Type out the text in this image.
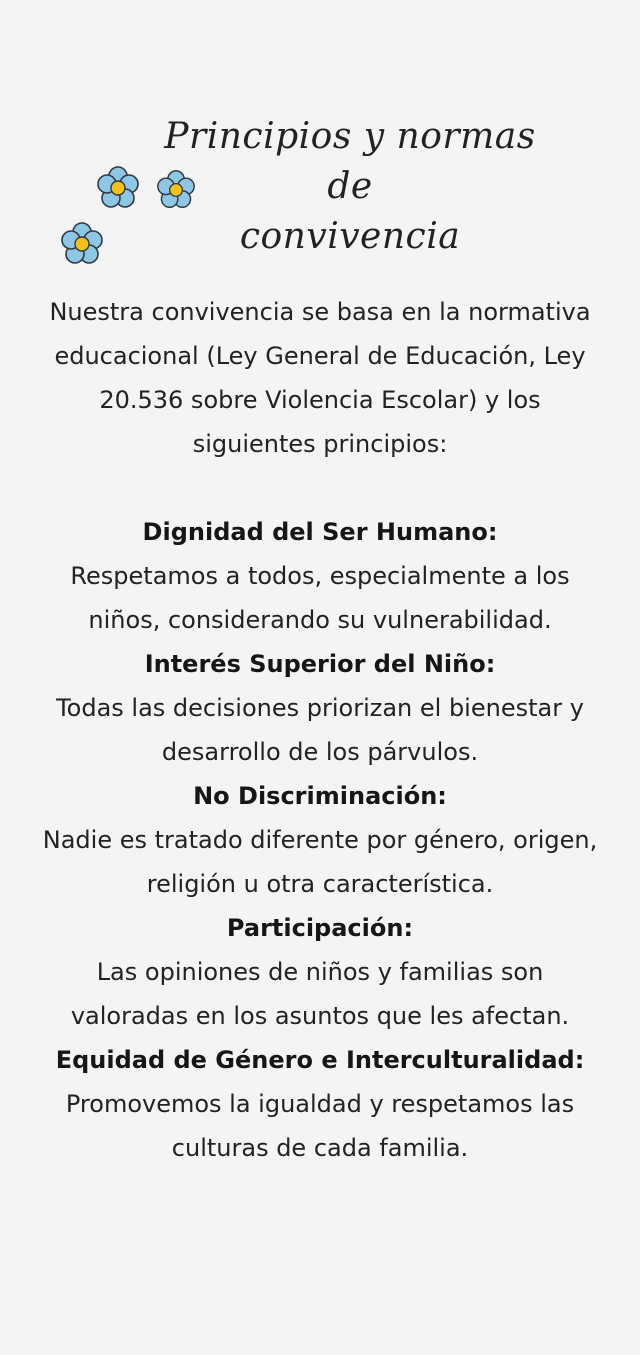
Principios y normas de
convivencia

Nuestra convivencia se basa en la normativa educacional (Ley General de Educación, Ley 20.536 sobre Violencia Escolar) y los siguientes principios:

Dignidad del Ser Humano:
Respetamos a todos, especialmente a los niños, considerando su vulnerabilidad.
Interés Superior del Niño:
Todas las decisiones priorizan el bienestar y desarrollo de los párvulos.
No Discriminación:
Nadie es tratado diferente por género, origen, religión u otra característica.
Participación:
Las opiniones de niños y familias son valoradas en los asuntos que les afectan.
Equidad de Género e Interculturalidad:
Promovemos la igualdad y respetamos las culturas de cada familia.
